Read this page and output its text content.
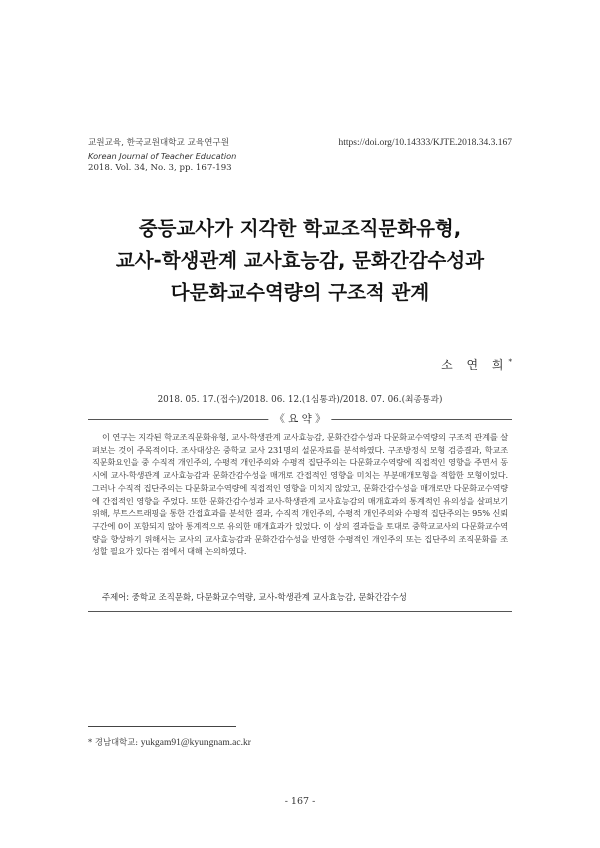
교원교육, 한국교원대학교 교육연구원
Korean Journal of Teacher Education
2018. Vol. 34, No. 3, pp. 167-193
https://doi.org/10.14333/KJTE.2018.34.3.167
중등교사가 지각한 학교조직문화유형,
교사-학생관계 교사효능감, 문화간감수성과
다문화교수역량의 구조적 관계
소 연 희*
2018. 05. 17.(접수)/2018. 06. 12.(1심통과)/2018. 07. 06.(최종통과)
《 요 약 》
이 연구는 지각된 학교조직문화유형, 교사-학생관계 교사효능감, 문화간감수성과 다문화교수역량의 구조적 관계를 살펴보는 것이 주목적이다. 조사대상은 중학교 교사 231명의 설문자료를 분석하였다. 구조방정식 모형 검증결과, 학교조직문화요인을 중 수직적 개인주의, 수평적 개인주의와 수평적 집단주의는 다문화교수역량에 직접적인 영향을 주면서 동시에 교사-학생관계 교사효능감과 문화간감수성을 매개로 간접적인 영향을 미치는 부분매개모형을 적합한 모형이었다. 그러나 수직적 집단주의는 다문화교수역량에 직접적인 영향을 미치지 않았고, 문화간감수성을 매개로만 다문화교수역량에 간접적인 영향을 주었다. 또한 문화간감수성과 교사-학생관계 교사효능감의 매개효과의 통계적인 유의성을 살펴보기 위해, 부트스트래핑을 통한 간접효과를 분석한 결과, 수직적 개인주의, 수평적 개인주의와 수평적 집단주의는 95% 신뢰구간에 0이 포함되지 않아 통계적으로 유의한 매개효과가 있었다. 이 상의 결과들을 토대로 중학교교사의 다문화교수역량을 향상하기 위해서는 교사의 교사효능감과 문화간감수성을 반영한 수평적인 개인주의 또는 집단주의 조직문화를 조성할 필요가 있다는 점에서 대해 논의하였다.
주제어: 중학교 조직문화, 다문화교수역량, 교사-학생관계 교사효능감, 문화간감수성
* 경남대학교: yukgam91@kyungnam.ac.kr
- 167 -
